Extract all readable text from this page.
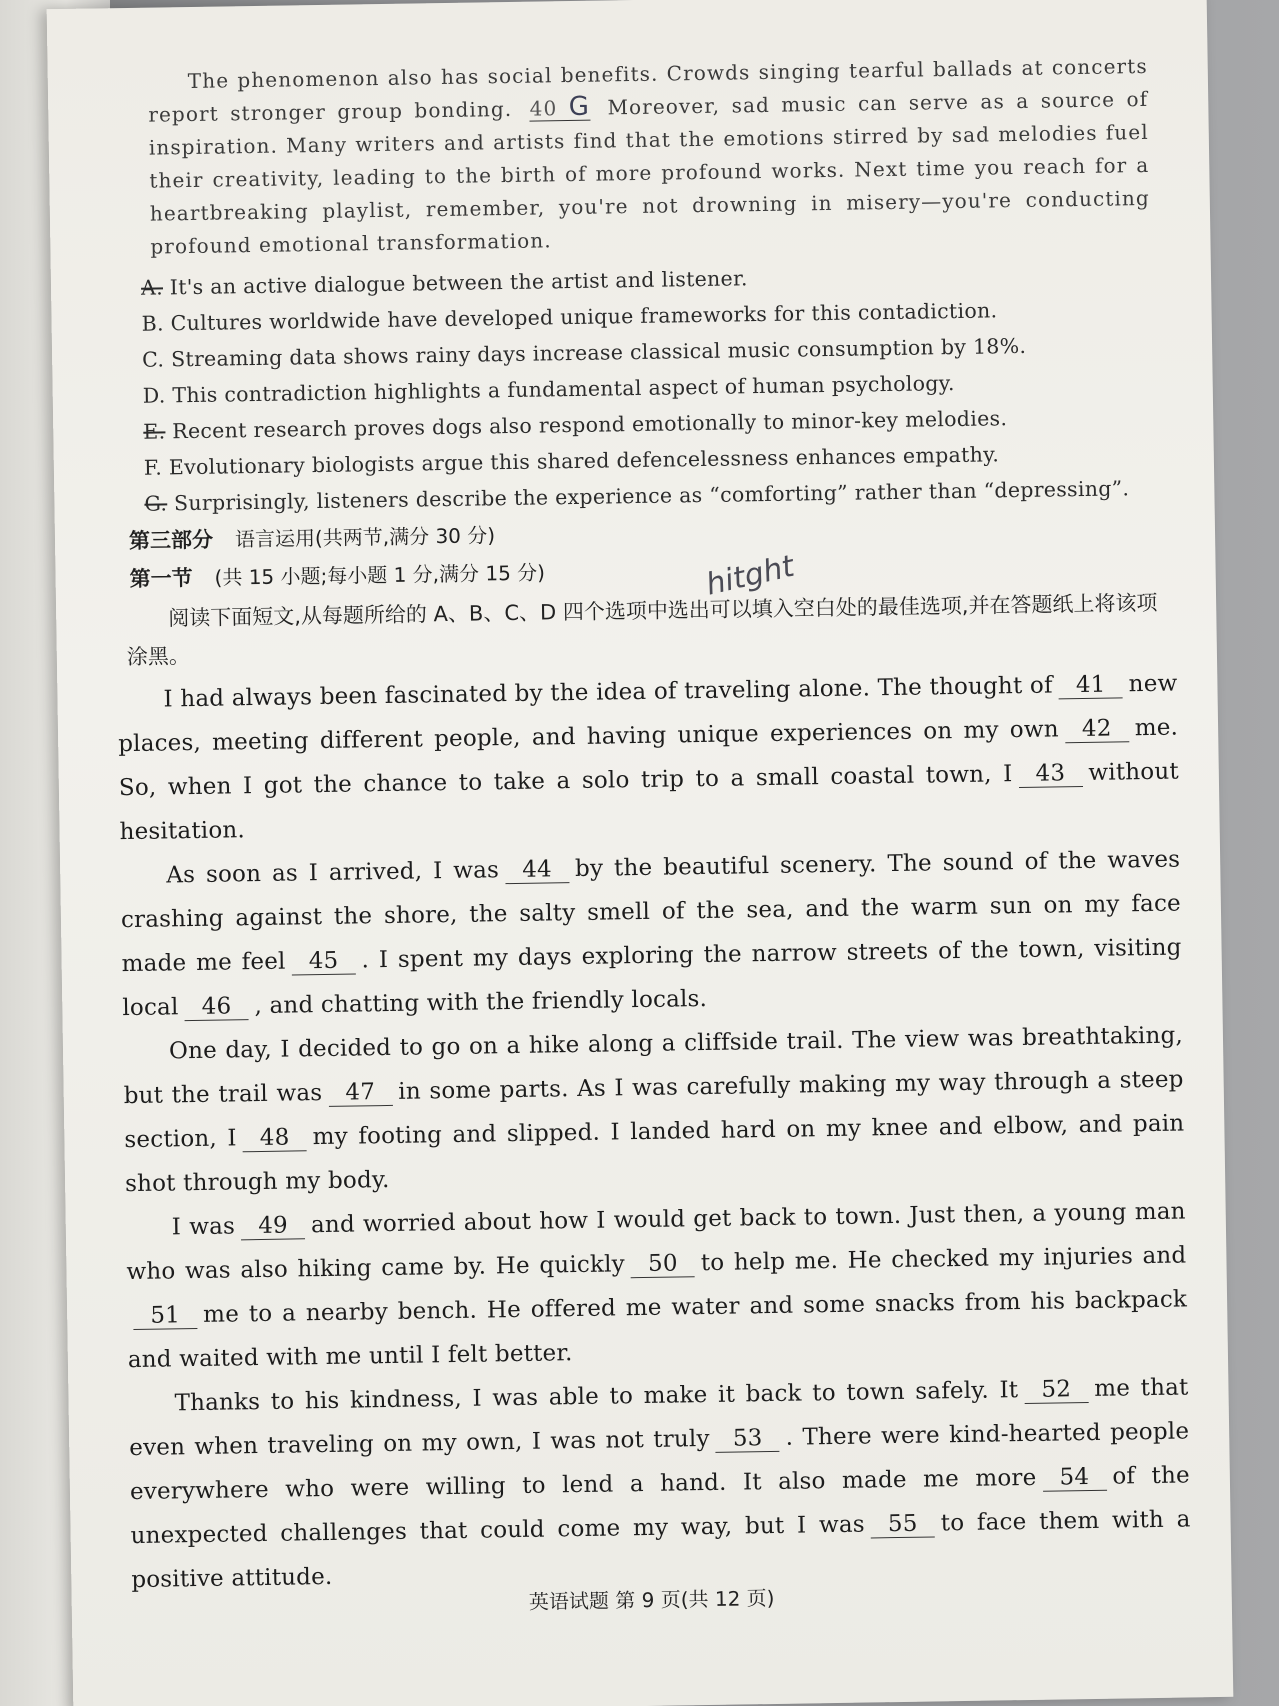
The phenomenon also has social benefits. Crowds singing tearful ballads at concerts report stronger group bonding. 40 G Moreover, sad music can serve as a source of inspiration. Many writers and artists find that the emotions stirred by sad melodies fuel their creativity, leading to the birth of more profound works. Next time you reach for a heartbreaking playlist, remember, you're not drowning in misery—you're conducting profound emotional transformation.

A. It's an active dialogue between the artist and listener.
B. Cultures worldwide have developed unique frameworks for this contadiction.
C. Streaming data shows rainy days increase classical music consumption by 18%.
D. This contradiction highlights a fundamental aspect of human psychology.
E. Recent research proves dogs also respond emotionally to minor-key melodies.
F. Evolutionary biologists argue this shared defencelessness enhances empathy.
G. Surprisingly, listeners describe the experience as “comforting” rather than “depressing”.
第三部分 语言运用(共两节,满分 30 分)
第一节 (共 15 小题;每小题 1 分,满分 15 分)
阅读下面短文,从每题所给的 A、B、C、D 四个选项中选出可以填入空白处的最佳选项,并在答题纸上将该项涂黑。

I had always been fascinated by the idea of traveling alone. The thought of 41 new places, meeting different people, and having unique experiences on my own 42 me. So, when I got the chance to take a solo trip to a small coastal town, I 43 without hesitation.

As soon as I arrived, I was 44 by the beautiful scenery. The sound of the waves crashing against the shore, the salty smell of the sea, and the warm sun on my face made me feel 45 . I spent my days exploring the narrow streets of the town, visiting local 46 , and chatting with the friendly locals.

One day, I decided to go on a hike along a cliffside trail. The view was breathtaking, but the trail was 47 in some parts. As I was carefully making my way through a steep section, I 48 my footing and slipped. I landed hard on my knee and elbow, and pain shot through my body.

I was 49 and worried about how I would get back to town. Just then, a young man who was also hiking came by. He quickly 50 to help me. He checked my injuries and51 me to a nearby bench. He offered me water and some snacks from his backpack and waited with me until I felt better.

Thanks to his kindness, I was able to make it back to town safely. It 52 me that even when traveling on my own, I was not truly 53 . There were kind-hearted people everywhere who were willing to lend a hand. It also made me more 54 of the unexpected challenges that could come my way, but I was 55 to face them with a positive attitude.

hitght
英语试题 第 9 页(共 12 页)
